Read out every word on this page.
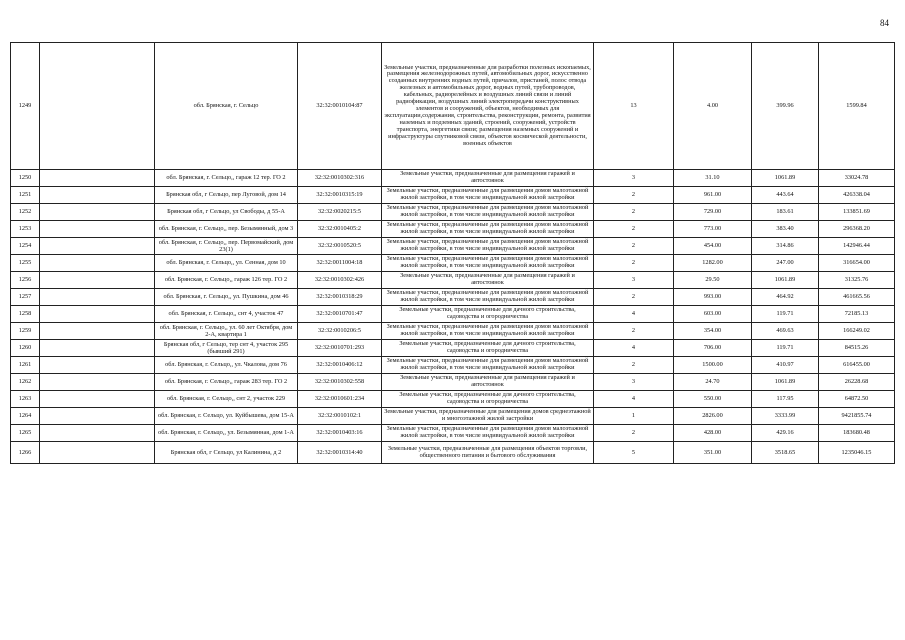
84
1249		обл. Брянская, г. Сельцо	32:32:0010104:87	Земельные участки, предназначенные для разработки полезных ископаемых, размещения железнодорожных путей, автомобильных дорог, искусственно созданных внутренних водных путей, причалов, пристаней, полос отвода железных и автомобильных дорог, водных путей, трубопроводов, кабельных, радиорелейных и воздушных линий связи и линий радиофикации, воздушных линий электропередачи конструктивных элементов и сооружений, объектов, необходимых для эксплуатации,содержания, строительства, реконструкции, ремонта, развития наземных и подземных зданий, строений, сооружений, устройств транспорта, энергетики связи; размещения наземных сооружений и инфраструктуры спутниковой связи, объектов космической деятельности, военных объектов	13	4.00	399.96	1599.84
1250		обл. Брянская, г. Сельцо,, гараж 12 тер. ГО 2	32:32:0010302:316	Земельные участки, предназначенные для размещения гаражей и автостоянок	3	31.10	1061.89	33024.78
1251		Брянская обл, г Сельцо, пер Луговой, дом 14	32:32:0010315:19	Земельные участки, предназначенные для размещения домов малоэтажной жилой застройки, в том числе индивидуальной жилой застройки	2	961.00	443.64	426338.04
1252		Брянская обл, г Сельцо, ул Свободы, д 55-А	32:32:0020215:5	Земельные участки, предназначенные для размещения домов малоэтажной жилой застройки, в том числе индивидуальной жилой застройки	2	729.00	183.61	133851.69
1253		обл. Брянская, г. Сельцо,, пер. Безымянный, дом 3	32:32:0010405:2	Земельные участки, предназначенные для размещения домов малоэтажной жилой застройки, в том числе индивидуальной жилой застройки	2	773.00	383.40	296368.20
1254		обл. Брянская, г. Сельцо,, пер. Первомайский, дом 23(1)	32:32:0010520:5	Земельные участки, предназначенные для размещения домов малоэтажной жилой застройки, в том числе индивидуальной жилой застройки	2	454.00	314.86	142946.44
1255		обл. Брянская, г. Сельцо,, ул. Сенная, дом 10	32:32:0011004:18	Земельные участки, предназначенные для размещения домов малоэтажной жилой застройки, в том числе индивидуальной жилой застройки	2	1282.00	247.00	316654.00
1256		обл. Брянская, г. Сельцо,, гараж 126 тер. ГО 2	32:32:0010302:426	Земельные участки, предназначенные для размещения гаражей и автостоянок	3	29.50	1061.89	31325.76
1257		обл. Брянская, г. Сельцо,, ул. Пушкина, дом 46	32:32:0010318:29	Земельные участки, предназначенные для размещения домов малоэтажной жилой застройки, в том числе индивидуальной жилой застройки	2	993.00	464.92	461665.56
1258		обл. Брянская, г. Сельцо,, снт 4, участок 47	32:32:0010701:47	Земельные участки, предназначенные для дачного строительства, садоводства и огородничества	4	603.00	119.71	72185.13
1259		обл. Брянская, г. Сельцо,, ул. 60 лет Октября, дом 2-А, квартира 1	32:32:0010206:5	Земельные участки, предназначенные для размещения домов малоэтажной жилой застройки, в том числе индивидуальной жилой застройки	2	354.00	469.63	166249.02
1260		Брянская обл, г Сельцо, тер снт 4, участок 295 (бывший 291)	32:32:0010701:293	Земельные участки, предназначенные для дачного строительства, садоводства и огородничества	4	706.00	119.71	84515.26
1261		обл. Брянская, г. Сельцо,, ул. Чкалова, дом 76	32:32:0010406:12	Земельные участки, предназначенные для размещения домов малоэтажной жилой застройки, в том числе индивидуальной жилой застройки	2	1500.00	410.97	616455.00
1262		обл. Брянская, г. Сельцо,, гараж 283 тер. ГО 2	32:32:0010302:558	Земельные участки, предназначенные для размещения гаражей и автостоянок	3	24.70	1061.89	26228.68
1263		обл. Брянская, г. Сельцо,, снт 2, участок 229	32:32:0010601:234	Земельные участки, предназначенные для дачного строительства, садоводства и огородничества	4	550.00	117.95	64872.50
1264		обл. Брянская, г. Сельцо, ул. Куйбышева, дом 15-А	32:32:0010102:1	Земельные участки, предназначенные для размещения домов среднеэтажной и многоэтажной жилой застройки	1	2826.00	3333.99	9421855.74
1265		обл. Брянская, г. Сельцо,, ул. Безымянная, дом 1-А	32:32:0010403:16	Земельные участки, предназначенные для размещения домов малоэтажной жилой застройки, в том числе индивидуальной жилой застройки	2	428.00	429.16	183680.48
1266		Брянская обл, г Сельцо, ул Калинина, д 2	32:32:0010314:40	Земельные участки, предназначенные для размещения объектов торговли, общественного питания и бытового обслуживания	5	351.00	3518.65	1235046.15
